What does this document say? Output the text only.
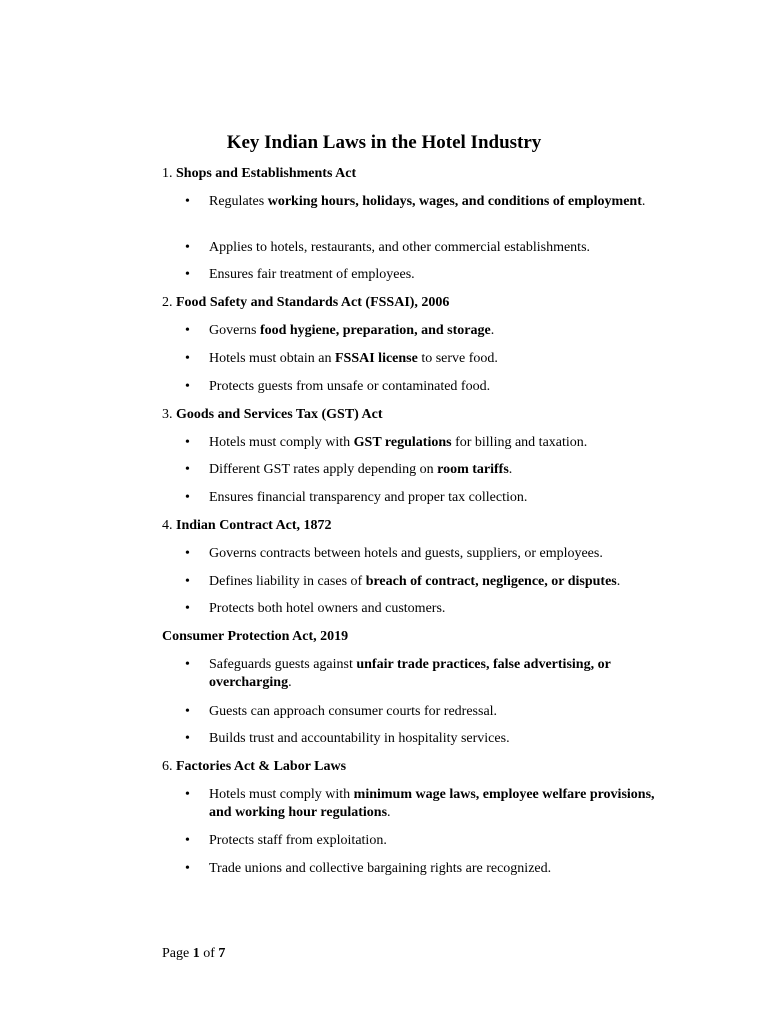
Key Indian Laws in the Hotel Industry

1. Shops and Establishments Act

•	Regulates working hours, holidays, wages, and conditions of employment.

•	Applies to hotels, restaurants, and other commercial establishments.

•	Ensures fair treatment of employees.

2. Food Safety and Standards Act (FSSAI), 2006

•	Governs food hygiene, preparation, and storage.

•	Hotels must obtain an FSSAI license to serve food.

•	Protects guests from unsafe or contaminated food.

3. Goods and Services Tax (GST) Act

•	Hotels must comply with GST regulations for billing and taxation.

•	Different GST rates apply depending on room tariffs.

•	Ensures financial transparency and proper tax collection.

4. Indian Contract Act, 1872

•	Governs contracts between hotels and guests, suppliers, or employees.

•	Defines liability in cases of breach of contract, negligence, or disputes.

•	Protects both hotel owners and customers.

Consumer Protection Act, 2019

•	Safeguards guests against unfair trade practices, false advertising, or overcharging.

•	Guests can approach consumer courts for redressal.

•	Builds trust and accountability in hospitality services.

6. Factories Act & Labor Laws

•	Hotels must comply with minimum wage laws, employee welfare provisions, and working hour regulations.

•	Protects staff from exploitation.

•	Trade unions and collective bargaining rights are recognized.

Page 1 of 7
